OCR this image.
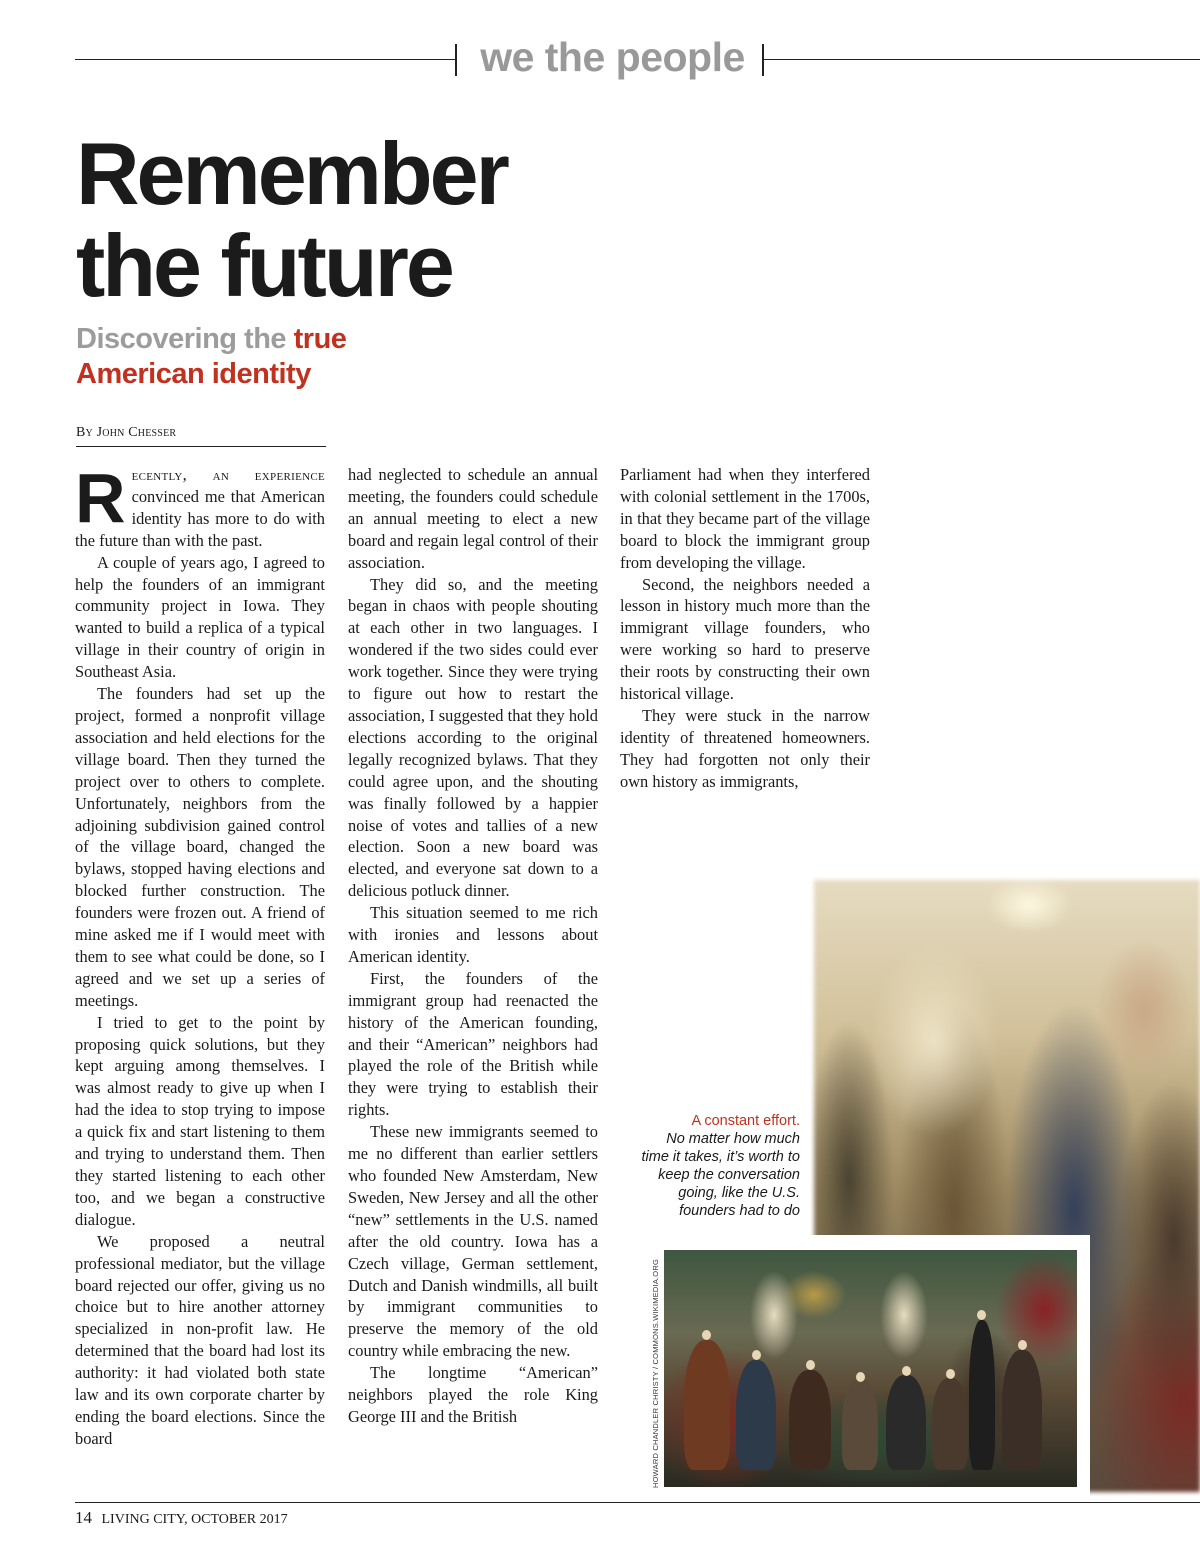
we the people
Remember
the future
Discovering the true
American identity
By John Chesser

Recently, an experience convinced me that American identity has more to do with the future than with the past.

A couple of years ago, I agreed to help the founders of an immigrant community project in Iowa. They wanted to build a replica of a typical village in their country of origin in Southeast Asia.

The founders had set up the project, formed a nonprofit village association and held elections for the village board. Then they turned the project over to others to complete. Unfortunately, neighbors from the adjoining subdivision gained control of the village board, changed the bylaws, stopped having elections and blocked further construction. The founders were frozen out. A friend of mine asked me if I would meet with them to see what could be done, so I agreed and we set up a series of meetings.

I tried to get to the point by proposing quick solutions, but they kept arguing among themselves. I was almost ready to give up when I had the idea to stop trying to impose a quick fix and start listening to them and trying to understand them. Then they started listening to each other too, and we began a constructive dialogue.

We proposed a neutral professional mediator, but the village board rejected our offer, giving us no choice but to hire another attorney specialized in non-profit law. He determined that the board had lost its authority: it had violated both state law and its own corporate charter by ending the board elections. Since the board

had neglected to schedule an annual meeting, the founders could schedule an annual meeting to elect a new board and regain legal control of their association.

They did so, and the meeting began in chaos with people shouting at each other in two languages. I wondered if the two sides could ever work together. Since they were trying to figure out how to restart the association, I suggested that they hold elections according to the original legally recognized bylaws. That they could agree upon, and the shouting was finally followed by a happier noise of votes and tallies of a new election. Soon a new board was elected, and everyone sat down to a delicious potluck dinner.

This situation seemed to me rich with ironies and lessons about American identity.

First, the founders of the immigrant group had reenacted the history of the American founding, and their “American” neighbors had played the role of the British while they were trying to establish their rights.

These new immigrants seemed to me no different than earlier settlers who founded New Amsterdam, New Sweden, New Jersey and all the other “new” settlements in the U.S. named after the old country. Iowa has a Czech village, German settlement, Dutch and Danish windmills, all built by immigrant communities to preserve the memory of the old country while embracing the new.

The longtime “American” neighbors played the role King George III and the British

Parliament had when they interfered with colonial settlement in the 1700s, in that they became part of the village board to block the immigrant group from developing the village.

Second, the neighbors needed a lesson in history much more than the immigrant village founders, who were working so hard to preserve their roots by constructing their own historical village.

They were stuck in the narrow identity of threatened homeowners. They had forgotten not only their own history as immigrants,

A constant effort.
No matter how much time it takes, it’s worth to keep the conversation going, like the U.S. founders had to do
HOWARD CHANDLER CHRISTY / COMMONS.WIKIMEDIA.ORG
14 LIVING CITY, OCTOBER 2017
